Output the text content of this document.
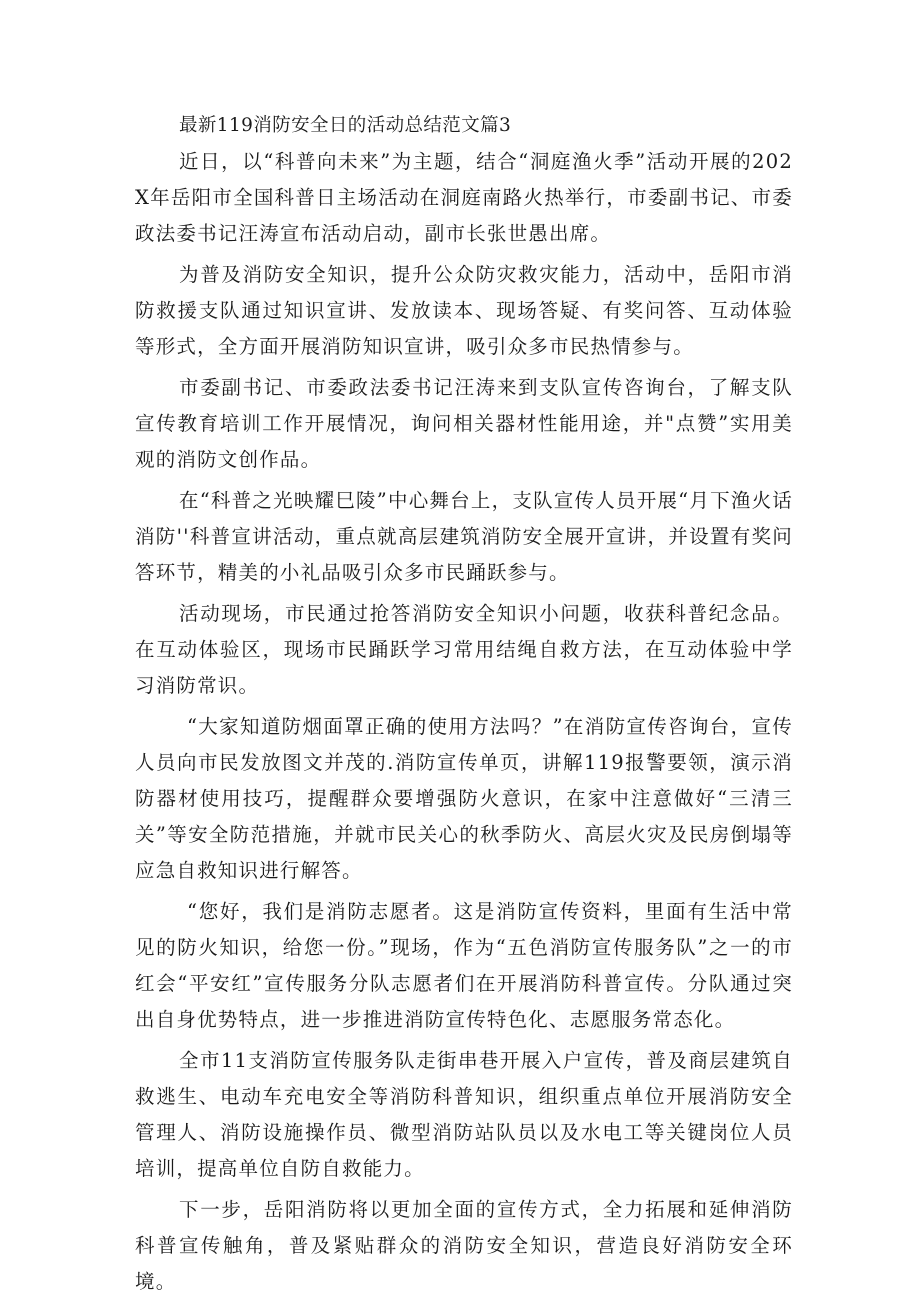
最新119消防安全日的活动总结范文篇3

近日，以“科普向未来”为主题，结合“洞庭渔火季”活动开展的202X年岳阳市全国科普日主场活动在洞庭南路火热举行，市委副书记、市委政法委书记汪涛宣布活动启动，副市长张世愚出席。

为普及消防安全知识，提升公众防灾救灾能力，活动中，岳阳市消防救援支队通过知识宣讲、发放读本、现场答疑、有奖问答、互动体验等形式，全方面开展消防知识宣讲，吸引众多市民热情参与。

市委副书记、市委政法委书记汪涛来到支队宣传咨询台，了解支队宣传教育培训工作开展情况，询问相关器材性能用途，并"点赞”实用美观的消防文创作品。

在“科普之光映耀巳陵”中心舞台上，支队宣传人员开展“月下渔火话消防''科普宣讲活动，重点就高层建筑消防安全展开宣讲，并设置有奖问答环节，精美的小礼品吸引众多市民踊跃参与。

活动现场，市民通过抢答消防安全知识小问题，收获科普纪念品。在互动体验区，现场市民踊跃学习常用结绳自救方法，在互动体验中学习消防常识。

“大家知道防烟面罩正确的使用方法吗？”在消防宣传咨询台，宣传人员向市民发放图文并茂的.消防宣传单页，讲解119报警要领，演示消防器材使用技巧，提醒群众要增强防火意识，在家中注意做好“三清三关”等安全防范措施，并就市民关心的秋季防火、高层火灾及民房倒塌等应急自救知识进行解答。

“您好，我们是消防志愿者。这是消防宣传资料，里面有生活中常见的防火知识，给您一份。”现场，作为“五色消防宣传服务队”之一的市红会“平安红”宣传服务分队志愿者们在开展消防科普宣传。分队通过突出自身优势特点，进一步推进消防宣传特色化、志愿服务常态化。

全市11支消防宣传服务队走街串巷开展入户宣传，普及商层建筑自救逃生、电动车充电安全等消防科普知识，组织重点单位开展消防安全管理人、消防设施操作员、微型消防站队员以及水电工等关键岗位人员培训，提高单位自防自救能力。

下一步，岳阳消防将以更加全面的宣传方式，全力拓展和延伸消防科普宣传触角，普及紧贴群众的消防安全知识，营造良好消防安全环境。
